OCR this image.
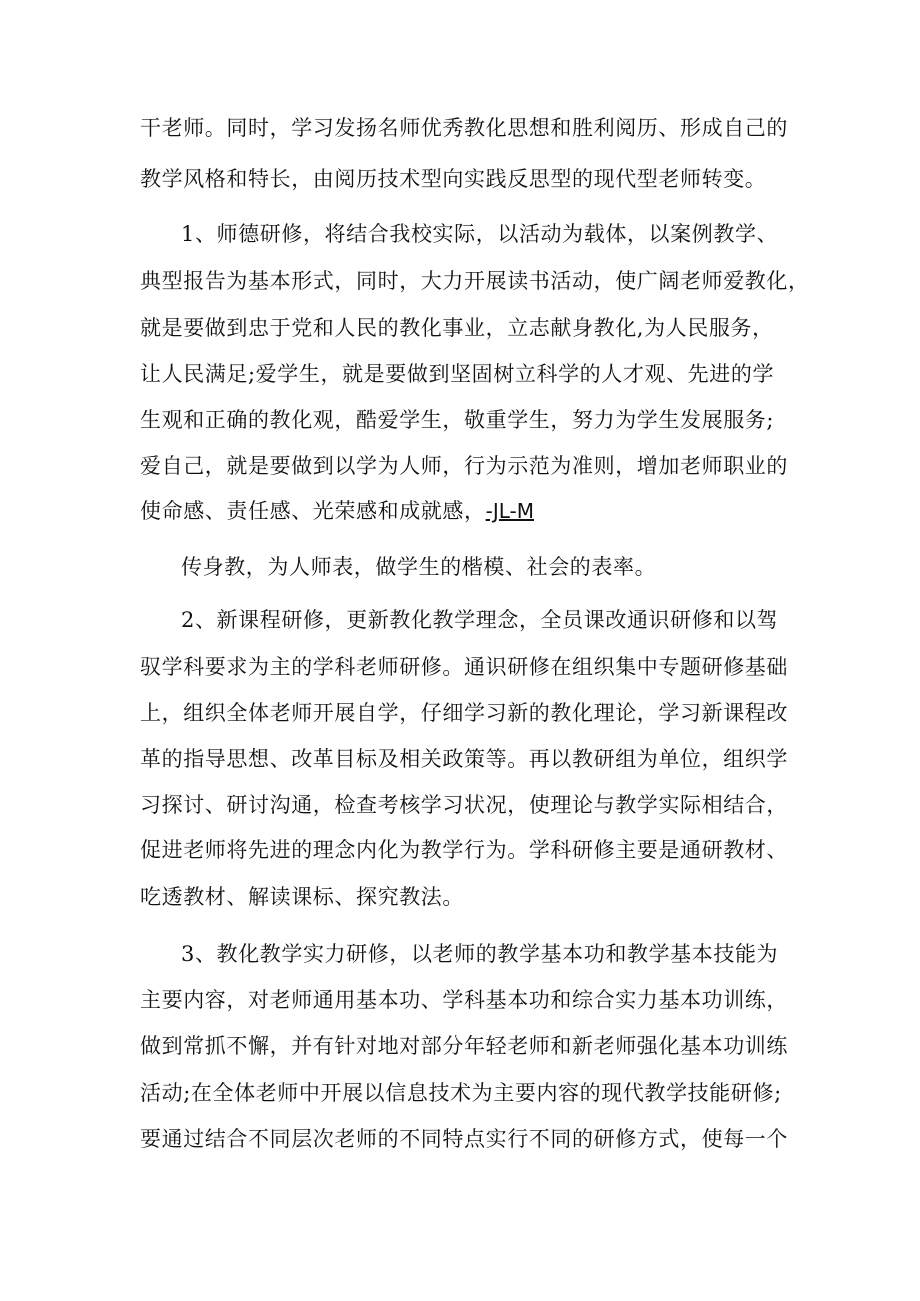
干老师。同时，学习发扬名师优秀教化思想和胜利阅历、形成自己的
教学风格和特长，由阅历技术型向实践反思型的现代型老师转变。
1、师德研修，将结合我校实际，以活动为载体，以案例教学、
典型报告为基本形式，同时，大力开展读书活动，使广阔老师爱教化，
就是要做到忠于党和人民的教化事业，立志献身教化,为人民服务，
让人民满足;爱学生，就是要做到坚固树立科学的人才观、先进的学
生观和正确的教化观，酷爱学生，敬重学生，努力为学生发展服务;
爱自己，就是要做到以学为人师，行为示范为准则，增加老师职业的
使命感、责任感、光荣感和成就感，-JL-M
传身教，为人师表，做学生的楷模、社会的表率。
2、新课程研修，更新教化教学理念，全员课改通识研修和以驾
驭学科要求为主的学科老师研修。通识研修在组织集中专题研修基础
上，组织全体老师开展自学，仔细学习新的教化理论，学习新课程改
革的指导思想、改革目标及相关政策等。再以教研组为单位，组织学
习探讨、研讨沟通，检查考核学习状况，使理论与教学实际相结合，
促进老师将先进的理念内化为教学行为。学科研修主要是通研教材、
吃透教材、解读课标、探究教法。
3、教化教学实力研修，以老师的教学基本功和教学基本技能为
主要内容，对老师通用基本功、学科基本功和综合实力基本功训练，
做到常抓不懈，并有针对地对部分年轻老师和新老师强化基本功训练
活动;在全体老师中开展以信息技术为主要内容的现代教学技能研修;
要通过结合不同层次老师的不同特点实行不同的研修方式，使每一个
